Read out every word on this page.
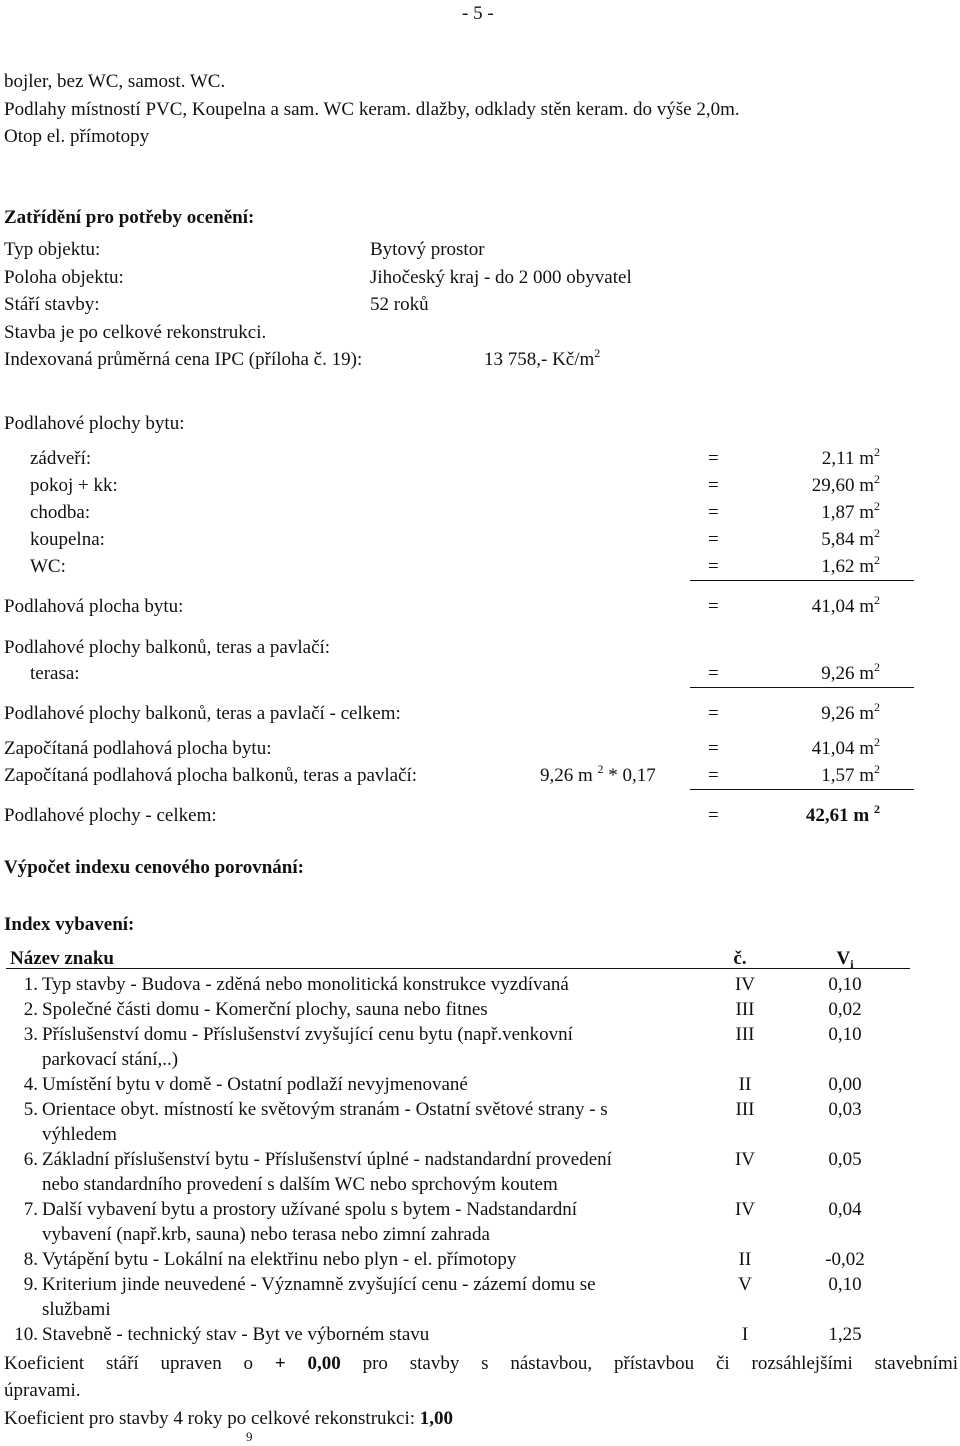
- 5 -
bojler, bez WC, samost. WC.
Podlahy místností PVC, Koupelna a sam. WC keram. dlažby, odklady stěn keram. do výše 2,0m.
Otop el. přímotopy
Zatřídění pro potřeby ocenění:
Typ objektu:	Bytový prostor
Poloha objektu:	Jihočeský kraj - do 2 000 obyvatel
Stáří stavby:	52 roků
Stavba je po celkové rekonstrukci.
Indexovaná průměrná cena IPC (příloha č. 19):	13 758,- $Kč/m^2$
Podlahové plochy bytu:
zádveří:	=	2,11 $m^2$
pokoj + kk:	=	29,60 $m^2$
chodba:	=	1,87 $m^2$
koupelna:	=	5,84 $m^2$
WC:	=	1,62 $m^2$
Podlahová plocha bytu:	=	41,04 $m^2$
Podlahové plochy balkonů, teras a pavlačí:
terasa:	=	9,26 $m^2$
Podlahové plochy balkonů, teras a pavlačí - celkem:	=	9,26 $m^2$
Započítaná podlahová plocha bytu:	=	41,04 $m^2$
Započítaná podlahová plocha balkonů, teras a pavlačí:	9,26 m $^2$ * 0,17	=	1,57 $m^2$
Podlahové plochy - celkem:	=	42,61 m $^2$
Výpočet indexu cenového porovnání:
Index vybavení:
Název znaku	č.	$V_i$
1. Typ stavby - Budova - zděná nebo monolitická konstrukce vyzdívaná	IV	0,10
2. Společné části domu - Komerční plochy, sauna nebo fitnes	III	0,02
3. Příslušenství domu - Příslušenství zvyšující cenu bytu (např.venkovní
parkovací stání,..)
III	0,10
4. Umístění bytu v domě - Ostatní podlaží nevyjmenované	II	0,00
5. Orientace obyt. místností ke světovým stranám - Ostatní světové strany - s
výhledem
III	0,03
6. Základní příslušenství bytu - Příslušenství úplné - nadstandardní provedení
nebo standardního provedení s dalším WC nebo sprchovým koutem
IV	0,05
7. Další vybavení bytu a prostory užívané spolu s bytem - Nadstandardní
vybavení (např.krb, sauna) nebo terasa nebo zimní zahrada
IV	0,04
8. Vytápění bytu - Lokální na elektřinu nebo plyn - el. přímotopy	II	-0,02
9. Kriterium jinde neuvedené - Významně zvyšující cenu - zázemí domu se
službami
V	0,10
10. Stavebně - technický stav - Byt ve výborném stavu	I	1,25
Koeficient stáří upraven o + 0,00 pro stavby s nástavbou, přístavbou či rozsáhlejšími stavebními
úpravami.
Koeficient pro stavby 4 roky po celkové rekonstrukci: 1,00
9
